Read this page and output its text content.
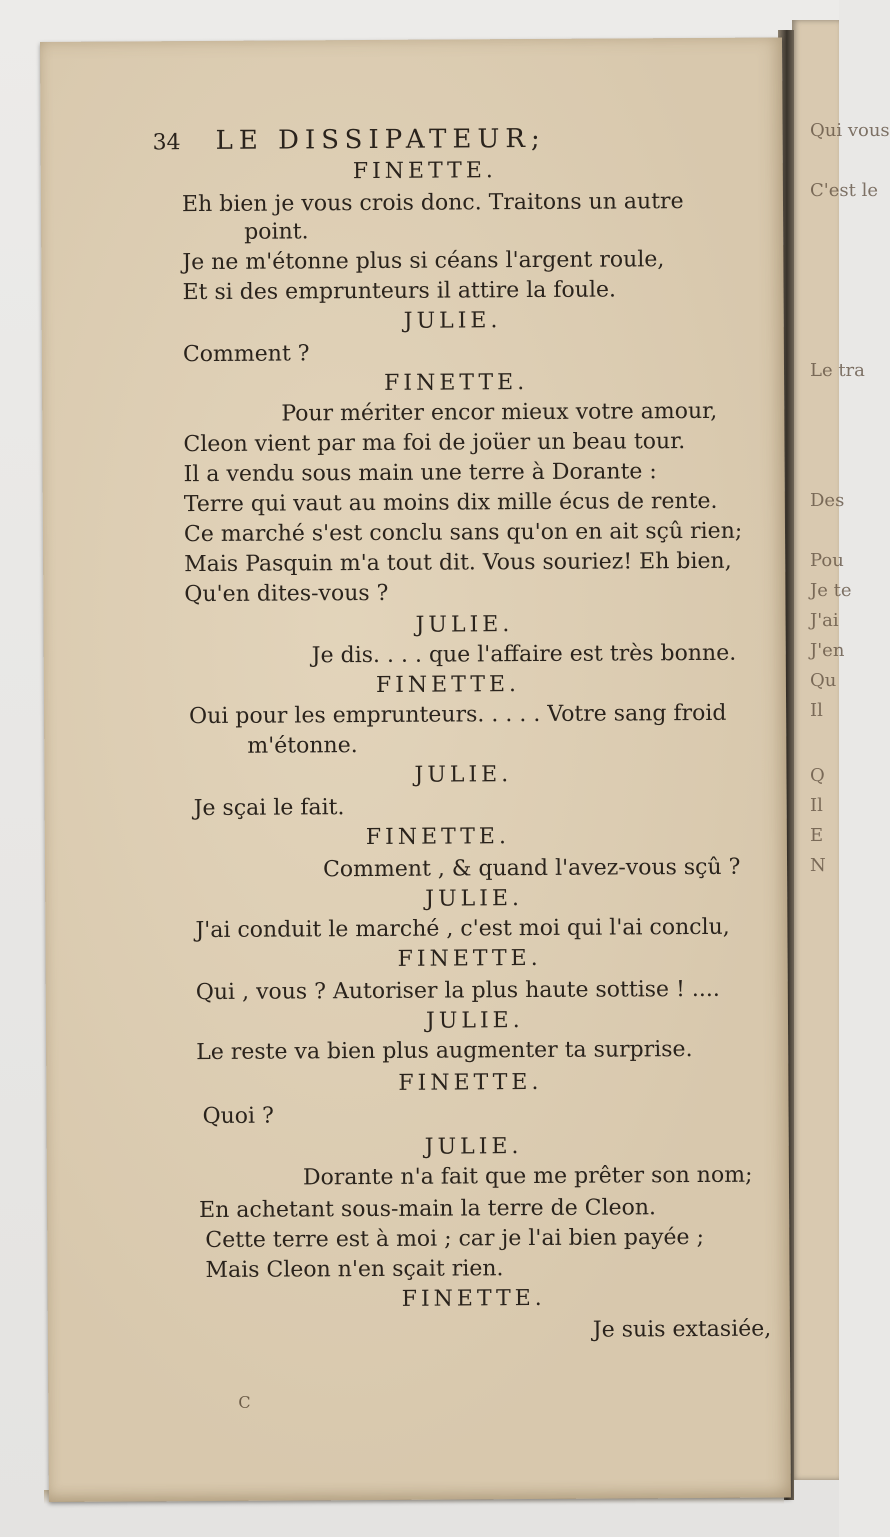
Qui vous
C'est le
Le tra
Des
Pou
Je te
J'ai
J'en
Qu
Il
Q
Il
E
N
34 LE DISSIPATEUR;
FINETTE.
Eh bien je vous crois donc. Traitons un autre
point.
Je ne m'étonne plus si céans l'argent roule,
Et si des emprunteurs il attire la foule.
JULIE.
Comment ?
FINETTE.
Pour mériter encor mieux votre amour,
Cleon vient par ma foi de joüer un beau tour.
Il a vendu sous main une terre à Dorante :
Terre qui vaut au moins dix mille écus de rente.
Ce marché s'est conclu sans qu'on en ait sçû rien;
Mais Pasquin m'a tout dit. Vous souriez! Eh bien,
Qu'en dites-vous ?
JULIE.
Je dis. . . . que l'affaire est très bonne.
FINETTE.
Oui pour les emprunteurs. . . . . Votre sang froid
m'étonne.
JULIE.
Je sçai le fait.
FINETTE.
Comment , & quand l'avez-vous sçû ?
JULIE.
J'ai conduit le marché , c'est moi qui l'ai conclu,
FINETTE.
Qui , vous ? Autoriser la plus haute sottise ! ....
JULIE.
Le reste va bien plus augmenter ta surprise.
FINETTE.
Quoi ?
JULIE.
Dorante n'a fait que me prêter son nom;
En achetant sous-main la terre de Cleon.
Cette terre est à moi ; car je l'ai bien payée ;
Mais Cleon n'en sçait rien.
FINETTE.
Je suis extasiée,
C
